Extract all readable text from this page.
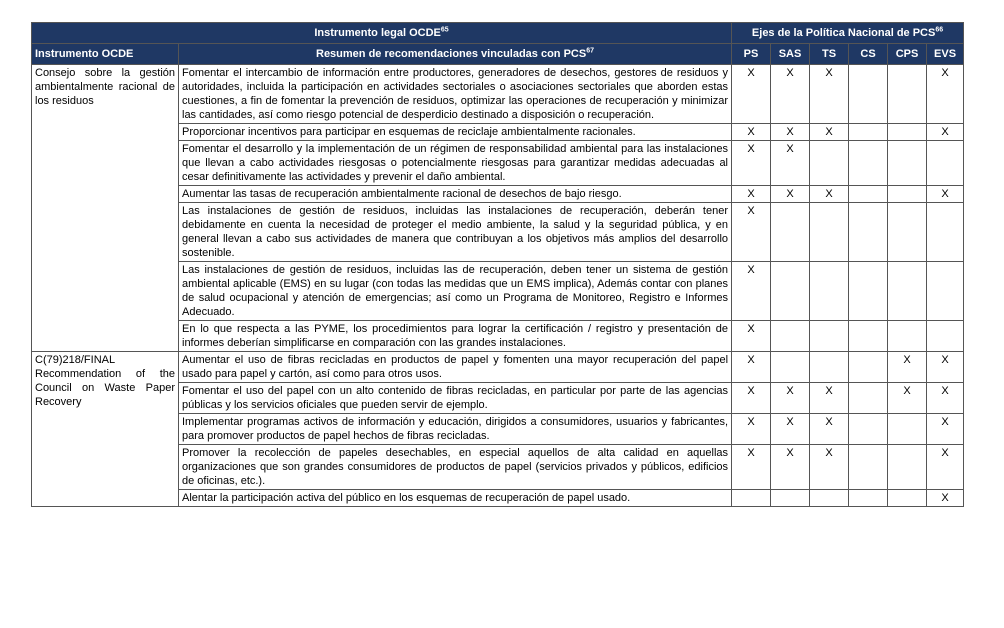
Instrumento legal OCDE$^{65}$		Ejes de la Política Nacional de PCS$^{66}$
Instrumento OCDE	Resumen de recomendaciones vinculadas con PCS$^{67}$	PS	SAS	TS	CS	CPS	EVS
Consejo sobre la gestión ambientalmente racional de los residuos	Fomentar el intercambio de información entre productores, generadores de desechos, gestores de residuos y autoridades, incluida la participación en actividades sectoriales o asociaciones sectoriales que aborden estas cuestiones, a fin de fomentar la prevención de residuos, optimizar las operaciones de recuperación y minimizar las cantidades, así como riesgo potencial de desperdicio destinado a disposición o recuperación.	X	X	X			X
	Proporcionar incentivos para participar en esquemas de reciclaje ambientalmente racionales.	X	X	X			X
	Fomentar el desarrollo y la implementación de un régimen de responsabilidad ambiental para las instalaciones que llevan a cabo actividades riesgosas o potencialmente riesgosas para garantizar medidas adecuadas al cesar definitivamente las actividades y prevenir el daño ambiental.	X	X				
	Aumentar las tasas de recuperación ambientalmente racional de desechos de bajo riesgo.	X	X	X			X
	Las instalaciones de gestión de residuos, incluidas las instalaciones de recuperación, deberán tener debidamente en cuenta la necesidad de proteger el medio ambiente, la salud y la seguridad pública, y en general llevan a cabo sus actividades de manera que contribuyan a los objetivos más amplios del desarrollo sostenible.	X					
	Las instalaciones de gestión de residuos, incluidas las de recuperación, deben tener un sistema de gestión ambiental aplicable (EMS) en su lugar (con todas las medidas que un EMS implica), Además contar con planes de salud ocupacional y atención de emergencias; así como un Programa de Monitoreo, Registro e Informes Adecuado.	X					
	En lo que respecta a las PYME, los procedimientos para lograr la certificación / registro y presentación de informes deberían simplificarse en comparación con las grandes instalaciones.	X					
C(79)218/FINAL Recommendation of the Council on Waste Paper Recovery	Aumentar el uso de fibras recicladas en productos de papel y fomenten una mayor recuperación del papel usado para papel y cartón, así como para otros usos.	X				X	X
	Fomentar el uso del papel con un alto contenido de fibras recicladas, en particular por parte de las agencias públicas y los servicios oficiales que pueden servir de ejemplo.	X	X	X		X	X
	Implementar programas activos de información y educación, dirigidos a consumidores, usuarios y fabricantes, para promover productos de papel hechos de fibras recicladas.	X	X	X			X
	Promover la recolección de papeles desechables, en especial aquellos de alta calidad en aquellas organizaciones que son grandes consumidores de productos de papel (servicios privados y públicos, edificios de oficinas, etc.).	X	X	X			X
	Alentar la participación activa del público en los esquemas de recuperación de papel usado.						X
